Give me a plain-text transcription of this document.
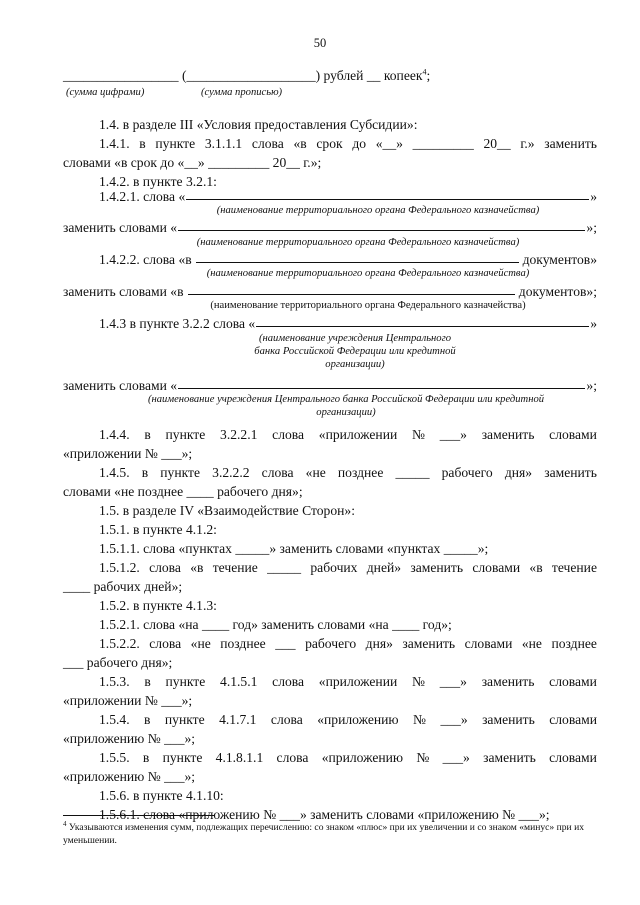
50
_________________ (___________________) рублей __ копеек$^4$;
(сумма цифрами)	(сумма прописью)
1.4. в разделе III «Условия предоставления Субсидии»:
1.4.1. в пункте 3.1.1.1 слова «в срок до «__» _________ 20__ г.» заменить
словами «в срок до «__» _________ 20__ г.»;
1.4.2. в пункте 3.2.1:
1.4.2.1. слова «	»
(наименование территориального органа Федерального казначейства)
заменить словами «	»;
(наименование территориального органа Федерального казначейства)
1.4.2.2. слова «в	документов»
(наименование территориального органа Федерального казначейства)
заменить словами «в	документов»;
(наименование территориального органа Федерального казначейства)
1.4.3 в пункте 3.2.2 слова «	»
(наименование учреждения Центрального
банка Российской Федерации или кредитной
организации)
заменить словами «	»;
(наименование учреждения Центрального банка Российской Федерации или кредитной
организации)
1.4.4. в пункте 3.2.2.1 слова «приложении № ___» заменить словами
«приложении № ___»;
1.4.5. в пункте 3.2.2.2 слова «не позднее _____ рабочего дня» заменить
словами «не позднее ____ рабочего дня»;
1.5. в разделе IV «Взаимодействие Сторон»:
1.5.1. в пункте 4.1.2:
1.5.1.1. слова «пунктах _____» заменить словами «пунктах _____»;
1.5.1.2. слова «в течение _____ рабочих дней» заменить словами «в течение
____ рабочих дней»;
1.5.2. в пункте 4.1.3:
1.5.2.1. слова «на ____ год» заменить словами «на ____ год»;
1.5.2.2. слова «не позднее ___ рабочего дня» заменить словами «не позднее
___ рабочего дня»;
1.5.3. в пункте 4.1.5.1 слова «приложении № ___» заменить словами
«приложении № ___»;
1.5.4. в пункте 4.1.7.1 слова «приложению № ___» заменить словами
«приложению № ___»;
1.5.5. в пункте 4.1.8.1.1 слова «приложению № ___» заменить словами
«приложению № ___»;
1.5.6. в пункте 4.1.10:
1.5.6.1. слова «приложению № ___» заменить словами «приложению № ___»;
$^4$ Указываются изменения сумм, подлежащих перечислению: со знаком «плюс» при их увеличении и со знаком «минус» при их уменьшении.
